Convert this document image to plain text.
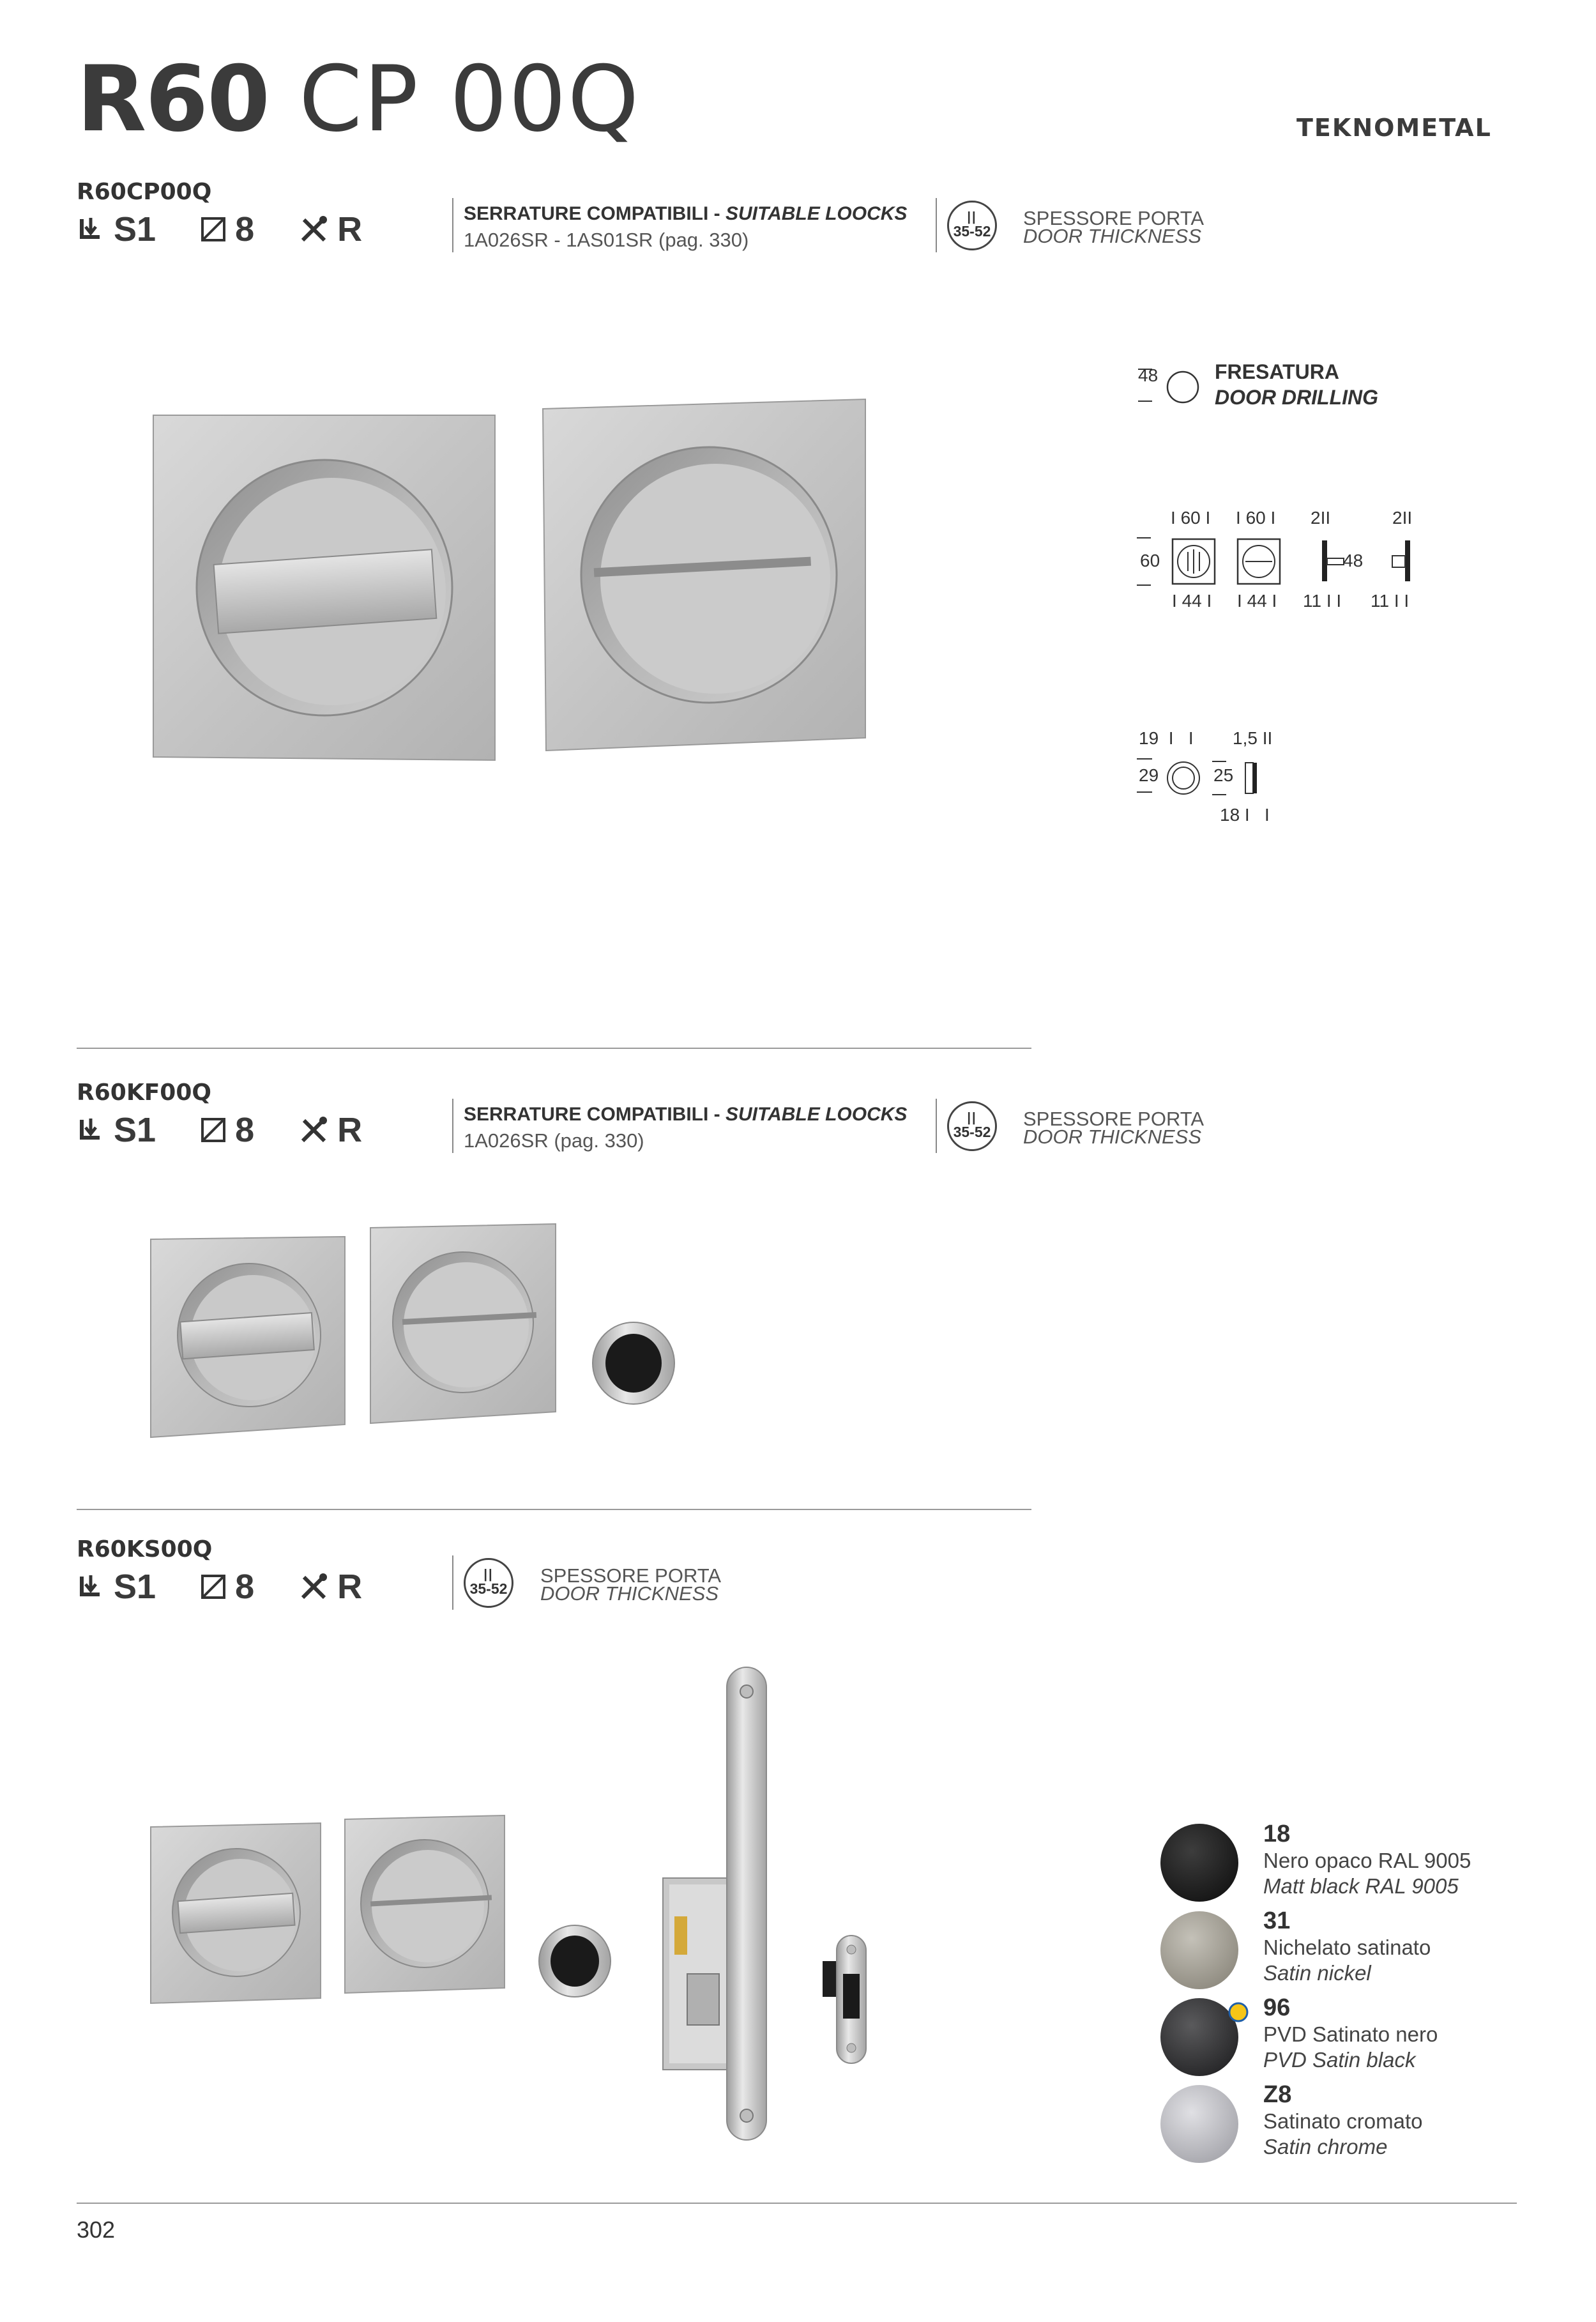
R60 CP 00Q	TEKNOMETAL
R60CP00Q
S1 8 R	SERRATURE COMPATIBILI - SUITABLE LOOCKS
1A026SR - 1AS01SR (pag. 330)
||
35-52
SPESSORE PORTA
DOOR THICKNESS
48	FRESATURA
DOOR DRILLING
I 60 I I 60 I 2II	2II
60	48
I 44 I I 44 I 11 I I 11 I I
19  I   I 1,5 II
29	25
18 I   I
R60KF00Q
S1 8 R	SERRATURE COMPATIBILI - SUITABLE LOOCKS
1A026SR (pag. 330)
||
35-52
SPESSORE PORTA
DOOR THICKNESS
R60KS00Q
S1 8 R	||
35-52
SPESSORE PORTA
DOOR THICKNESS
18
Nero opaco RAL 9005
Matt black RAL 9005
31
Nichelato satinato
Satin nickel
96
PVD Satinato nero
PVD Satin black
Z8
Satinato cromato
Satin chrome
302
